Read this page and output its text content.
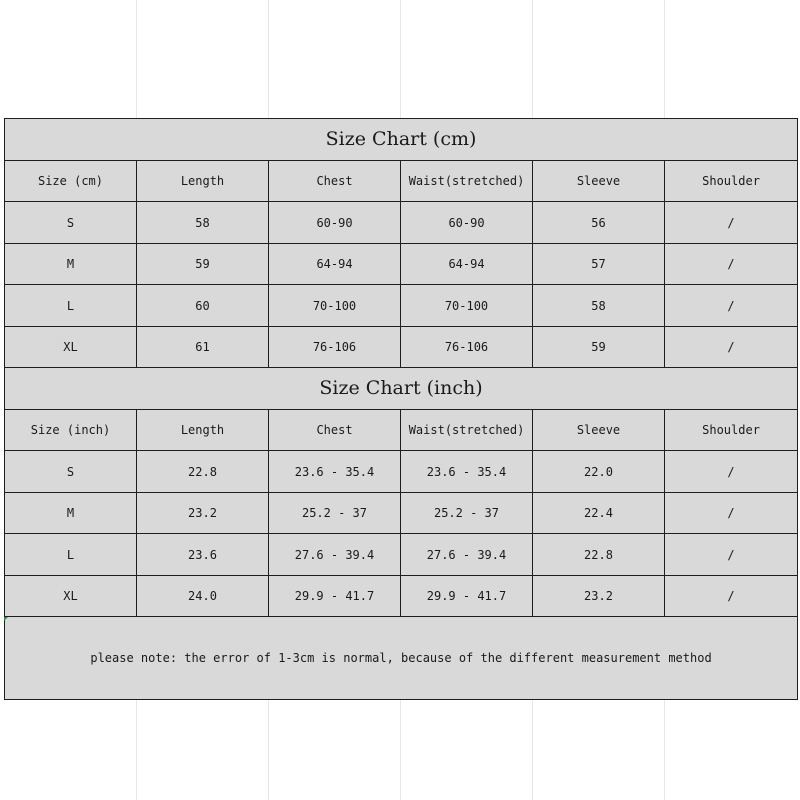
Size Chart (cm)					
Size (cm)	Length	Chest	Waist(stretched)	Sleeve	Shoulder
S	58	60-90	60-90	56	/
M	59	64-94	64-94	57	/
L	60	70-100	70-100	58	/
XL	61	76-106	76-106	59	/
Size Chart (inch)					
Size (inch)	Length	Chest	Waist(stretched)	Sleeve	Shoulder
S	22.8	23.6 - 35.4	23.6 - 35.4	22.0	/
M	23.2	25.2 - 37	25.2 - 37	22.4	/
L	23.6	27.6 - 39.4	27.6 - 39.4	22.8	/
XL	24.0	29.9 - 41.7	29.9 - 41.7	23.2	/
please note: the error of 1-3cm is normal, because of the different measurement method					
